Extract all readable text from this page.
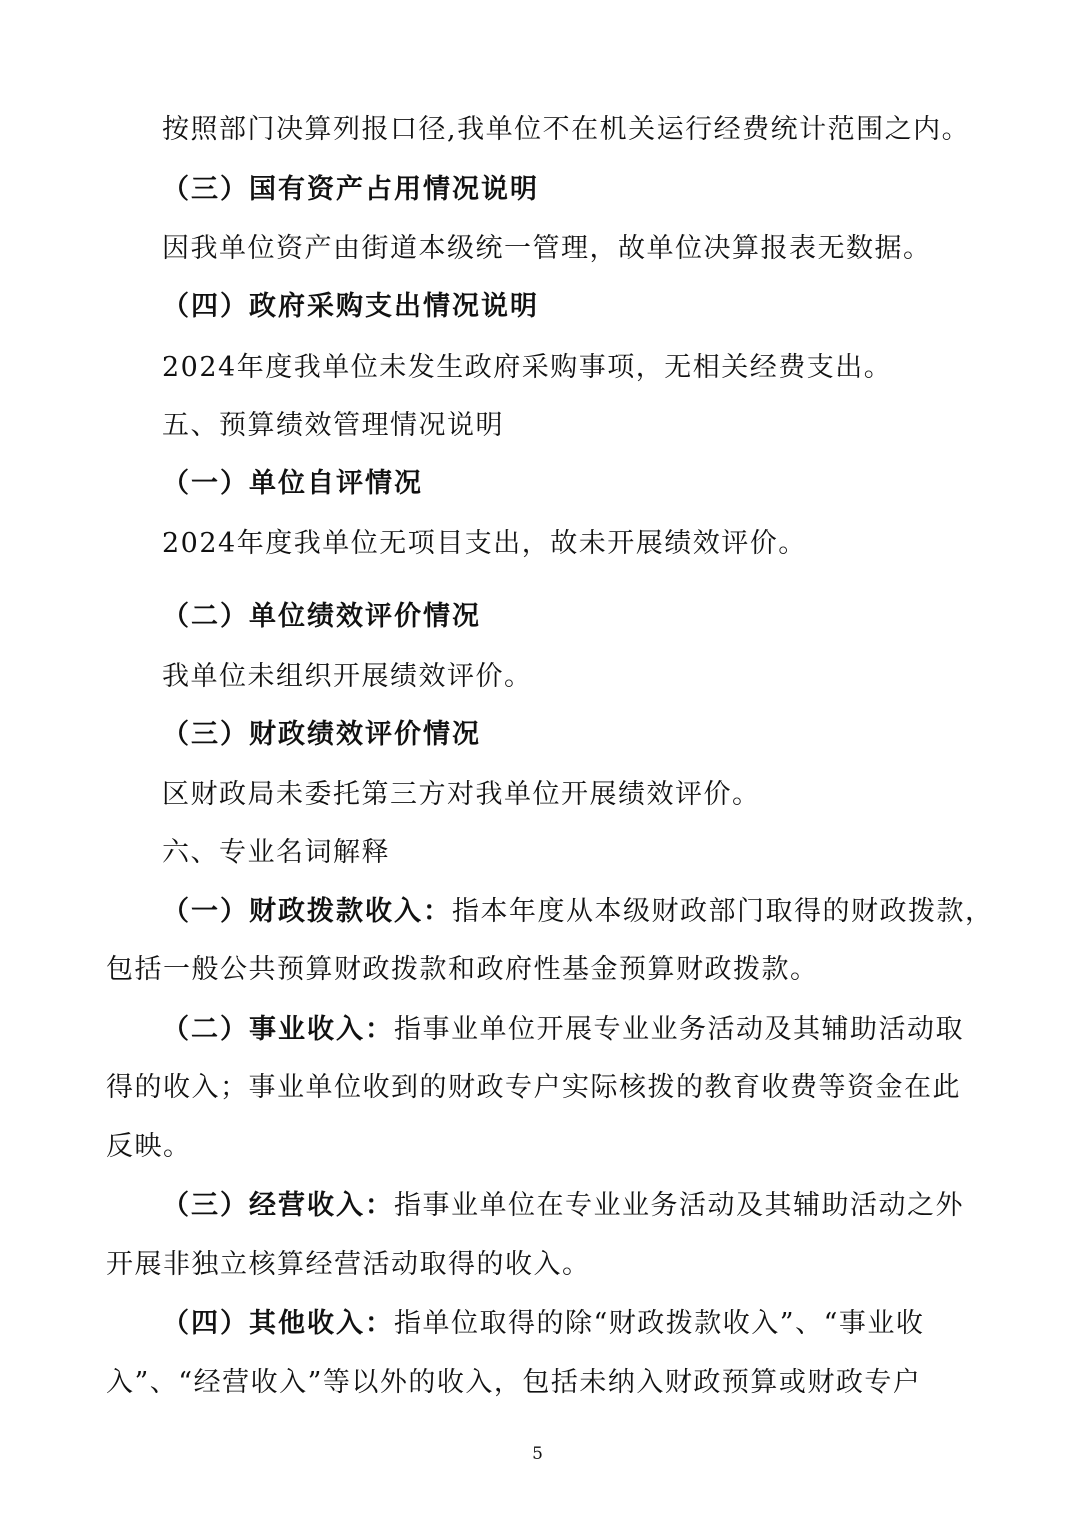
按照部门决算列报口径,我单位不在机关运行经费统计范围之内。
（三）国有资产占用情况说明
因我单位资产由街道本级统一管理，故单位决算报表无数据。
（四）政府采购支出情况说明
2024年度我单位未发生政府采购事项，无相关经费支出。
五、预算绩效管理情况说明
（一）单位自评情况
2024年度我单位无项目支出，故未开展绩效评价。
（二）单位绩效评价情况
我单位未组织开展绩效评价。
（三）财政绩效评价情况
区财政局未委托第三方对我单位开展绩效评价。
六、专业名词解释
（一）财政拨款收入：指本年度从本级财政部门取得的财政拨款，
包括一般公共预算财政拨款和政府性基金预算财政拨款。
（二）事业收入：指事业单位开展专业业务活动及其辅助活动取
得的收入；事业单位收到的财政专户实际核拨的教育收费等资金在此
反映。
（三）经营收入：指事业单位在专业业务活动及其辅助活动之外
开展非独立核算经营活动取得的收入。
（四）其他收入：指单位取得的除“财政拨款收入”、“事业收
入”、“经营收入”等以外的收入，包括未纳入财政预算或财政专户
5
